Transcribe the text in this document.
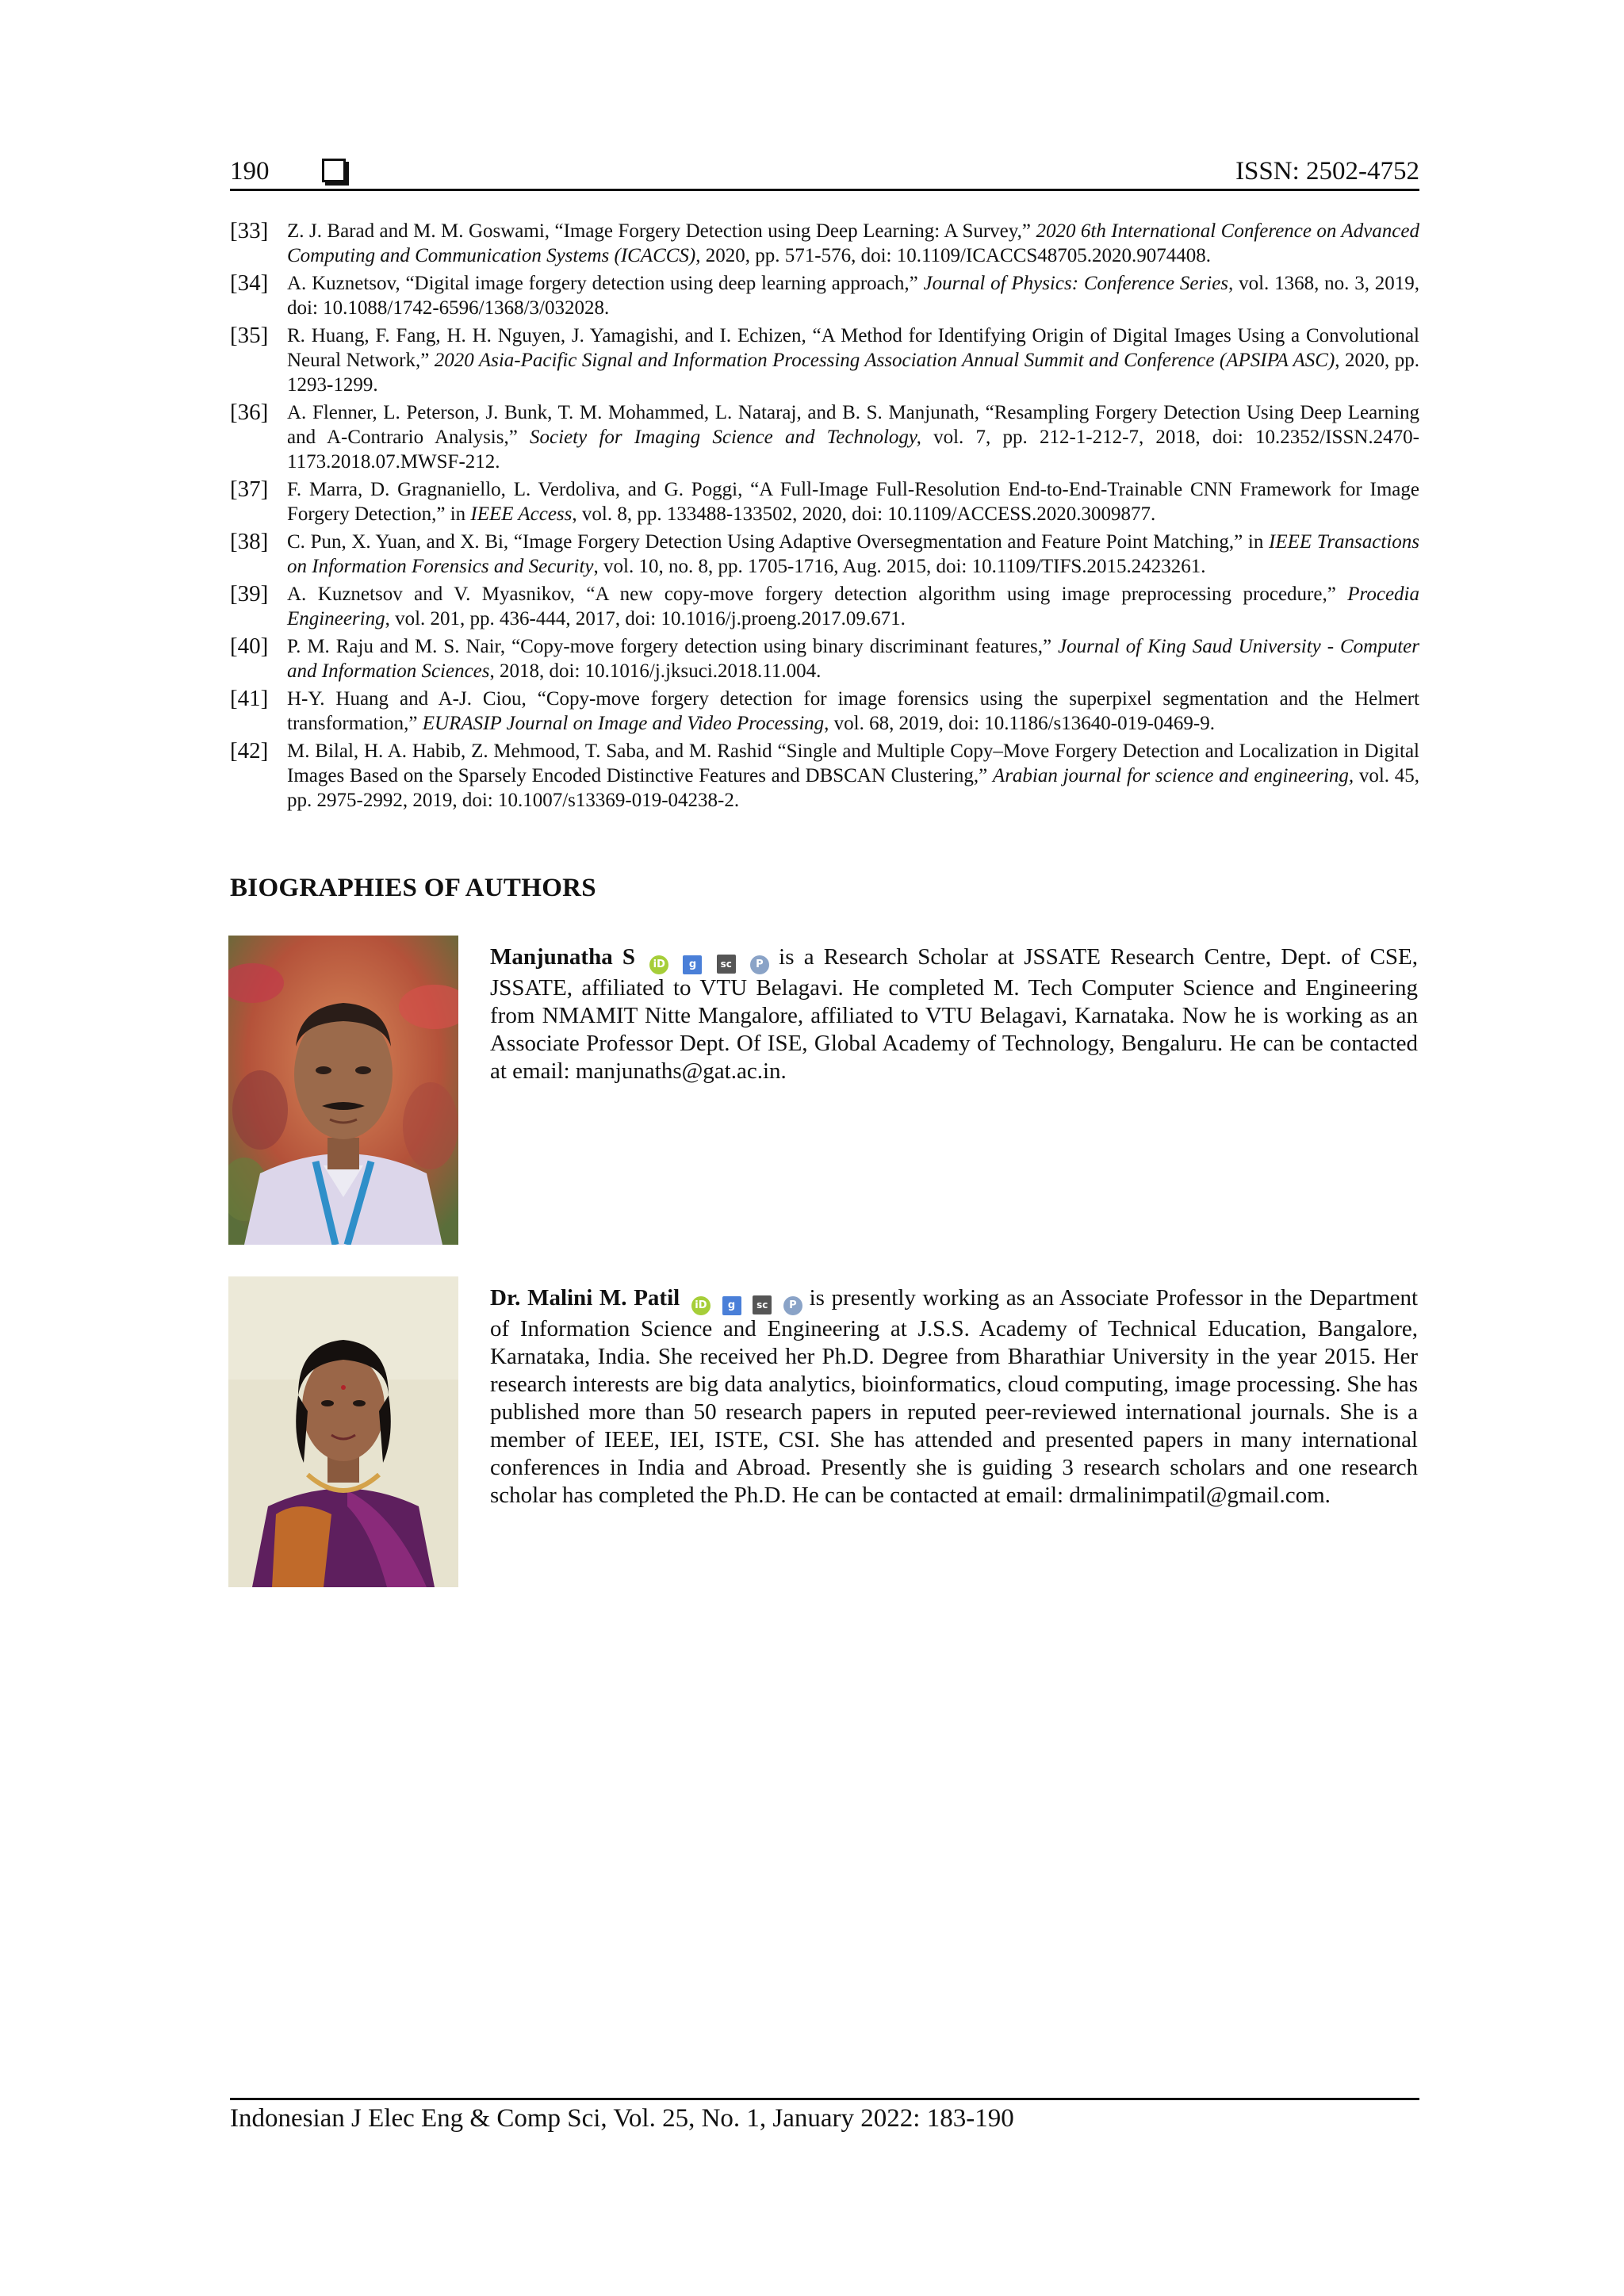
190	ISSN: 2502-4752
[33] Z. J. Barad and M. M. Goswami, “Image Forgery Detection using Deep Learning: A Survey,” 2020 6th International Conference on Advanced Computing and Communication Systems (ICACCS), 2020, pp. 571-576, doi: 10.1109/ICACCS48705.2020.9074408.
[34] A. Kuznetsov, “Digital image forgery detection using deep learning approach,” Journal of Physics: Conference Series, vol. 1368, no. 3, 2019, doi: 10.1088/1742-6596/1368/3/032028.
[35] R. Huang, F. Fang, H. H. Nguyen, J. Yamagishi, and I. Echizen, “A Method for Identifying Origin of Digital Images Using a Convolutional Neural Network,” 2020 Asia-Pacific Signal and Information Processing Association Annual Summit and Conference (APSIPA ASC), 2020, pp. 1293-1299.
[36] A. Flenner, L. Peterson, J. Bunk, T. M. Mohammed, L. Nataraj, and B. S. Manjunath, “Resampling Forgery Detection Using Deep Learning and A-Contrario Analysis,” Society for Imaging Science and Technology, vol. 7, pp. 212-1-212-7, 2018, doi: 10.2352/ISSN.2470-1173.2018.07.MWSF-212.
[37] F. Marra, D. Gragnaniello, L. Verdoliva, and G. Poggi, “A Full-Image Full-Resolution End-to-End-Trainable CNN Framework for Image Forgery Detection,” in IEEE Access, vol. 8, pp. 133488-133502, 2020, doi: 10.1109/ACCESS.2020.3009877.
[38] C. Pun, X. Yuan, and X. Bi, “Image Forgery Detection Using Adaptive Oversegmentation and Feature Point Matching,” in IEEE Transactions on Information Forensics and Security, vol. 10, no. 8, pp. 1705-1716, Aug. 2015, doi: 10.1109/TIFS.2015.2423261.
[39] A. Kuznetsov and V. Myasnikov, “A new copy-move forgery detection algorithm using image preprocessing procedure,” Procedia Engineering, vol. 201, pp. 436-444, 2017, doi: 10.1016/j.proeng.2017.09.671.
[40] P. M. Raju and M. S. Nair, “Copy-move forgery detection using binary discriminant features,” Journal of King Saud University - Computer and Information Sciences, 2018, doi: 10.1016/j.jksuci.2018.11.004.
[41] H-Y. Huang and A-J. Ciou, “Copy-move forgery detection for image forensics using the superpixel segmentation and the Helmert transformation,” EURASIP Journal on Image and Video Processing, vol. 68, 2019, doi: 10.1186/s13640-019-0469-9.
[42] M. Bilal, H. A. Habib, Z. Mehmood, T. Saba, and M. Rashid “Single and Multiple Copy–Move Forgery Detection and Localization in Digital Images Based on the Sparsely Encoded Distinctive Features and DBSCAN Clustering,” Arabian journal for science and engineering, vol. 45, pp. 2975-2992, 2019, doi: 10.1007/s13369-019-04238-2.
BIOGRAPHIES OF AUTHORS
Manjunatha S iD g	sc P is a Research Scholar at JSSATE Research Centre, Dept. of CSE, JSSATE, affiliated to VTU Belagavi. He completed M. Tech Computer Science and Engineering from NMAMIT Nitte Mangalore, affiliated to VTU Belagavi, Karnataka. Now he is working as an Associate Professor Dept. Of ISE, Global Academy of Technology, Bengaluru. He can be contacted at email: manjunaths@gat.ac.in.
Dr. Malini M. Patil iD g sc P is presently working as an Associate Professor in the Department of Information Science and Engineering at J.S.S. Academy of Technical Education, Bangalore, Karnataka, India. She received her Ph.D. Degree from Bharathiar University in the year 2015. Her research interests are big data analytics, bioinformatics, cloud computing, image processing. She has published more than 50 research papers in reputed peer-reviewed international journals. She is a member of IEEE, IEI, ISTE, CSI. She has attended and presented papers in many international conferences in India and Abroad. Presently she is guiding 3 research scholars and one research scholar has completed the Ph.D. He can be contacted at email: drmalinimpatil@gmail.com.
Indonesian J Elec Eng & Comp Sci, Vol. 25, No. 1, January 2022: 183-190
